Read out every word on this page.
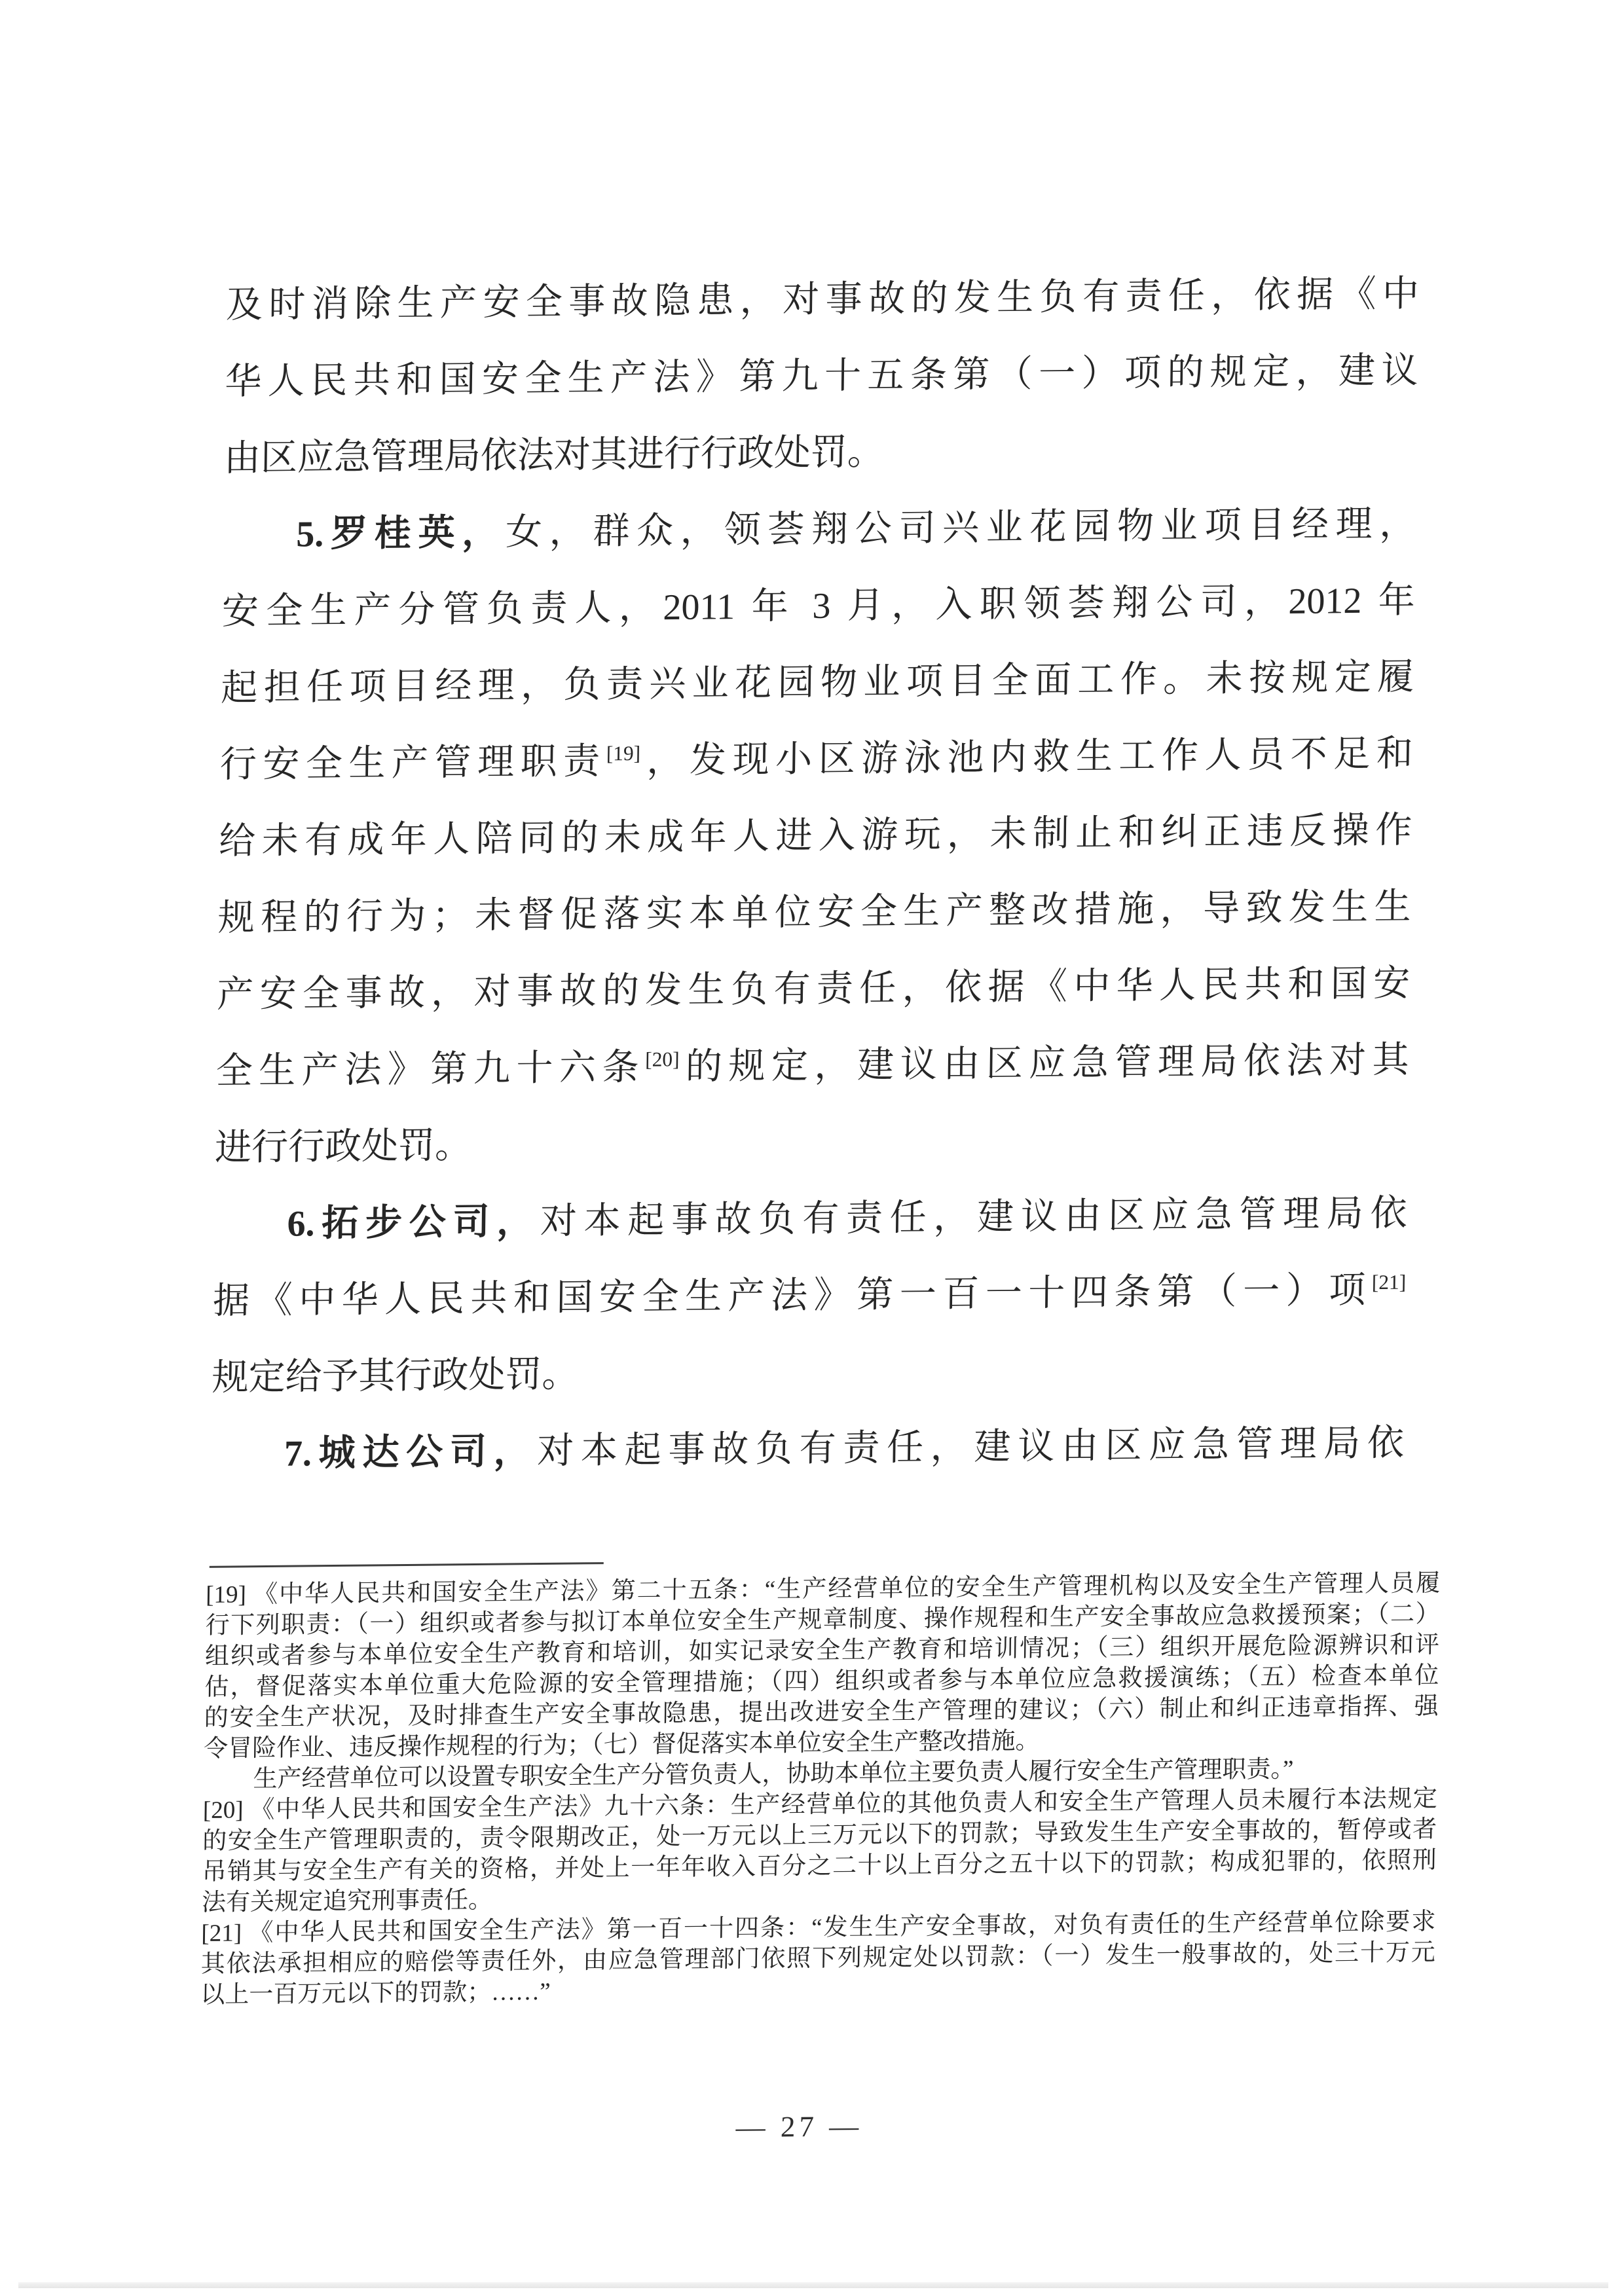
及时消除生产安全事故隐患，对事故的发生负有责任，依据《中
华人民共和国安全生产法》第九十五条第（一）项的规定，建议
由区应急管理局依法对其进行行政处罚。
5.罗桂英，女，群众，领荟翔公司兴业花园物业项目经理，
安全生产分管负责人，2011 年 3 月，入职领荟翔公司，2012 年
起担任项目经理，负责兴业花园物业项目全面工作。未按规定履
行安全生产管理职责[19]，发现小区游泳池内救生工作人员不足和
给未有成年人陪同的未成年人进入游玩，未制止和纠正违反操作
规程的行为；未督促落实本单位安全生产整改措施，导致发生生
产安全事故，对事故的发生负有责任，依据《中华人民共和国安
全生产法》第九十六条[20]的规定，建议由区应急管理局依法对其
进行行政处罚。
6.拓步公司，对本起事故负有责任，建议由区应急管理局依
据《中华人民共和国安全生产法》第一百一十四条第（一）项[21]
规定给予其行政处罚。
7.城达公司，对本起事故负有责任，建议由区应急管理局依
[19] 《中华人民共和国安全生产法》第二十五条：“生产经营单位的安全生产管理机构以及安全生产管理人员履
行下列职责：（一）组织或者参与拟订本单位安全生产规章制度、操作规程和生产安全事故应急救援预案；（二）
组织或者参与本单位安全生产教育和培训，如实记录安全生产教育和培训情况；（三）组织开展危险源辨识和评
估，督促落实本单位重大危险源的安全管理措施；（四）组织或者参与本单位应急救援演练；（五）检查本单位
的安全生产状况，及时排查生产安全事故隐患，提出改进安全生产管理的建议；（六）制止和纠正违章指挥、强
令冒险作业、违反操作规程的行为；（七）督促落实本单位安全生产整改措施。
生产经营单位可以设置专职安全生产分管负责人，协助本单位主要负责人履行安全生产管理职责。”
[20] 《中华人民共和国安全生产法》九十六条：生产经营单位的其他负责人和安全生产管理人员未履行本法规定
的安全生产管理职责的，责令限期改正，处一万元以上三万元以下的罚款；导致发生生产安全事故的，暂停或者
吊销其与安全生产有关的资格，并处上一年年收入百分之二十以上百分之五十以下的罚款；构成犯罪的，依照刑
法有关规定追究刑事责任。
[21] 《中华人民共和国安全生产法》第一百一十四条：“发生生产安全事故，对负有责任的生产经营单位除要求
其依法承担相应的赔偿等责任外，由应急管理部门依照下列规定处以罚款：（一）发生一般事故的，处三十万元
以上一百万元以下的罚款；……”
— 27 —
